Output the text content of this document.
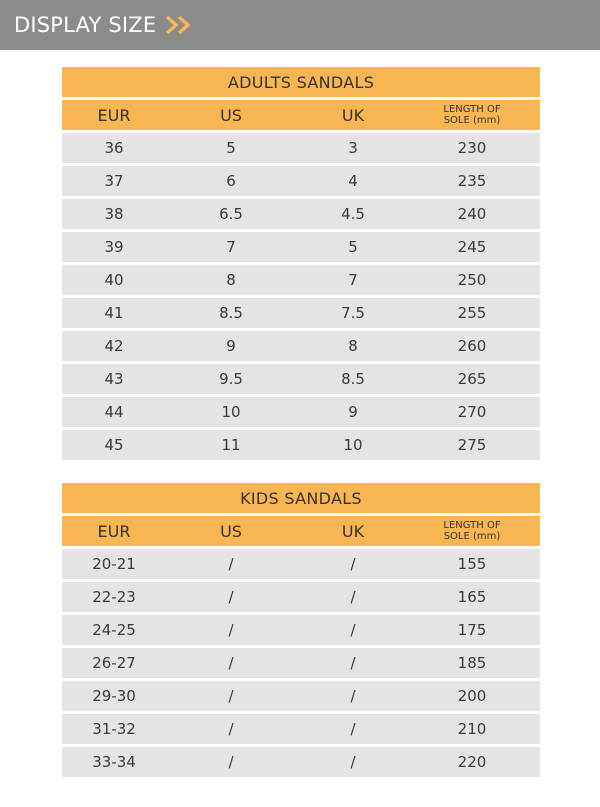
DISPLAY SIZE
ADULTS SANDALS
EUR	US	UK	LENGTH OF
SOLE (mm)
36	5	3	230
37	6	4	235
38	6.5	4.5	240
39	7	5	245
40	8	7	250
41	8.5	7.5	255
42	9	8	260
43	9.5	8.5	265
44	10	9	270
45	11	10	275
KIDS SANDALS
EUR	US	UK	LENGTH OF
SOLE (mm)
20-21	/	/	155
22-23	/	/	165
24-25	/	/	175
26-27	/	/	185
29-30	/	/	200
31-32	/	/	210
33-34	/	/	220
